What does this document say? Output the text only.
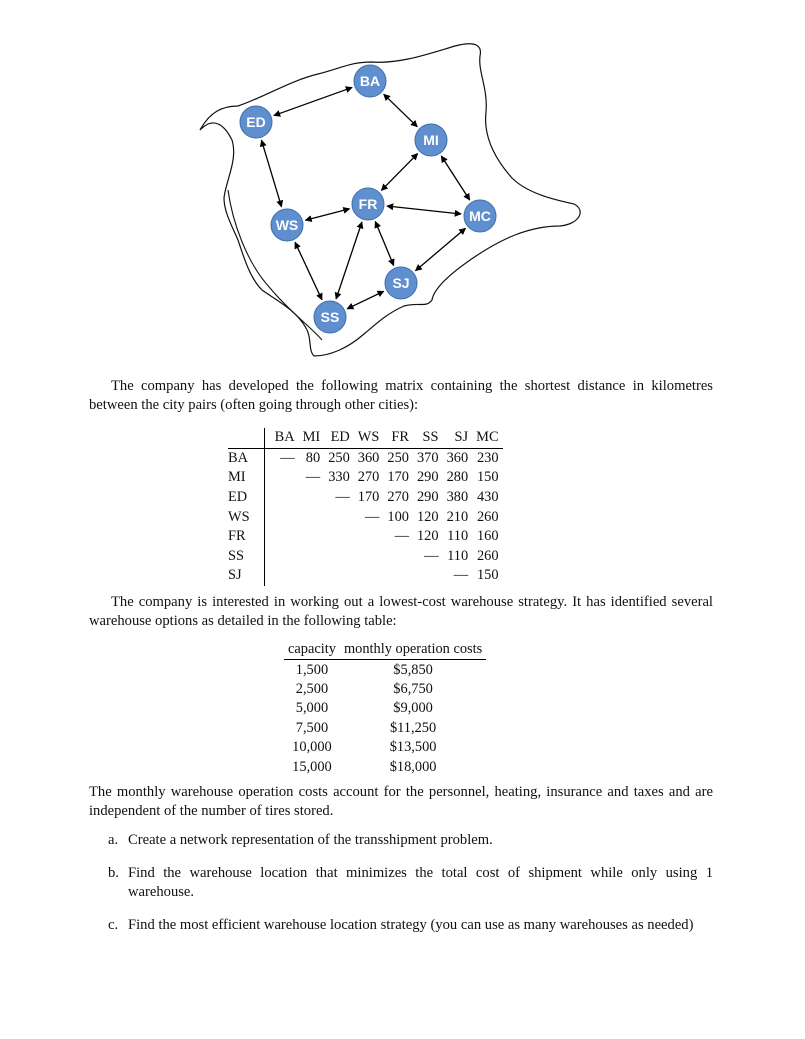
BA
ED
MI
FR
WS
MC
SJ
SS
The company has developed the following matrix containing the shortest distance in kilometres between the city pairs (often going through other cities):
	BA	MI	ED	WS	FR	SS	SJ	MC
BA	—	80	250	360	250	370	360	230
MI		—	330	270	170	290	280	150
ED			—	170	270	290	380	430
WS				—	100	120	210	260
FR					—	120	110	160
SS						—	110	260
SJ							—	150
The company is interested in working out a lowest-cost warehouse strategy. It has identified several warehouse options as detailed in the following table:
capacity	monthly operation costs
1,500	$5,850
2,500	$6,750
5,000	$9,000
7,500	$11,250
10,000	$13,500
15,000	$18,000
The monthly warehouse operation costs account for the personnel, heating, insurance and taxes and are independent of the number of tires stored.
a. Create a network representation of the transshipment problem.
b. Find the warehouse location that minimizes the total cost of shipment while only using 1 warehouse.
c. Find the most efficient warehouse location strategy (you can use as many warehouses as needed)
